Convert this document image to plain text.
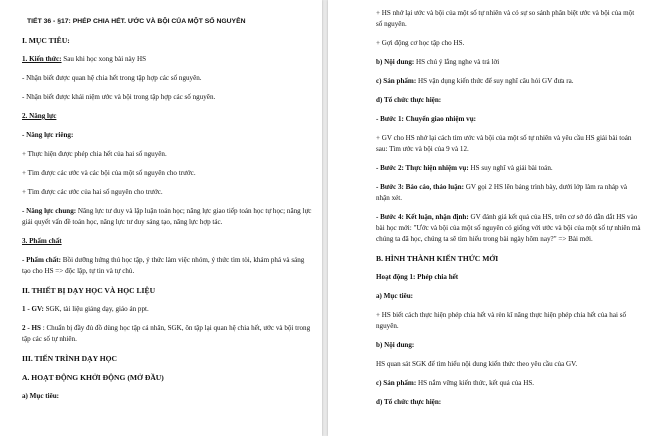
TIẾT 36 - §17: PHÉP CHIA HẾT. ƯỚC VÀ BỘI CỦA MỘT SỐ NGUYÊN
I. MỤC TIÊU:
1. Kiến thức: Sau khi học xong bài này HS
- Nhận biết được quan hệ chia hết trong tập hợp các số nguyên.
- Nhận biết được khái niệm ước và bội trong tập hợp các số nguyên.
2. Năng lực
- Năng lực riêng:
+ Thực hiện được phép chia hết của hai số nguyên.
+ Tìm được các ước và các bội của một số nguyên cho trước.
+ Tìm được các ước của hai số nguyên cho trước.
- Năng lực chung: Năng lực tư duy và lập luận toán học; năng lực giao tiếp toán học tự học; năng lực giải quyết vấn đề toán học, năng lực tư duy sáng tạo, năng lực hợp tác.
3. Phẩm chất
- Phẩm chất: Bồi dưỡng hứng thú học tập, ý thức làm việc nhóm, ý thức tìm tòi, khám phá và sáng tạo cho HS => độc lập, tự tin và tự chủ.
II. THIẾT BỊ DẠY HỌC VÀ HỌC LIỆU
1 - GV: SGK, tài liệu giảng dạy, giáo án ppt.
2 - HS : Chuẩn bị đầy đủ đồ dùng học tập cá nhân, SGK, ôn tập lại quan hệ chia hết, ước và bội trong tập các số tự nhiên.
III. TIẾN TRÌNH DẠY HỌC
A. HOẠT ĐỘNG KHỞI ĐỘNG (MỞ ĐẦU)
a) Mục tiêu:
+ HS nhớ lại ước và bội của một số tự nhiên và có sự so sánh phân biệt ước và bội của một số nguyên.
+ Gợi động cơ học tập cho HS.
b) Nội dung: HS chú ý lắng nghe và trả lời
c) Sản phẩm: HS vận dụng kiến thức để suy nghĩ câu hỏi GV đưa ra.
d) Tổ chức thực hiện:
- Bước 1: Chuyển giao nhiệm vụ:
+ GV cho HS nhớ lại cách tìm ước và bội của một số tự nhiên và yêu cầu HS giải bài toán sau: Tìm ước và bội của 9 và 12.
- Bước 2: Thực hiện nhiệm vụ: HS suy nghĩ và giải bài toán.
- Bước 3: Báo cáo, thảo luận: GV gọi 2 HS lên bảng trình bày, dưới lớp làm ra nháp và nhận xét.
- Bước 4: Kết luận, nhận định: GV đánh giá kết quả của HS, trên cơ sở đó dẫn dắt HS vào bài học mới: "Ước và bội của một số nguyên có giống với ước và bội của một số tự nhiên mà chúng ta đã học, chúng ta sẽ tìm hiểu trong bài ngày hôm nay?" => Bài mới.
B. HÌNH THÀNH KIẾN THỨC MỚI
Hoạt động 1: Phép chia hết
a) Mục tiêu:
+ HS biết cách thực hiện phép chia hết và rèn kĩ năng thực hiện phép chia hết của hai số nguyên.
b) Nội dung:
HS quan sát SGK để tìm hiểu nội dung kiến thức theo yêu cầu của GV.
c) Sản phẩm: HS nắm vững kiến thức, kết quả của HS.
d) Tổ chức thực hiện:
